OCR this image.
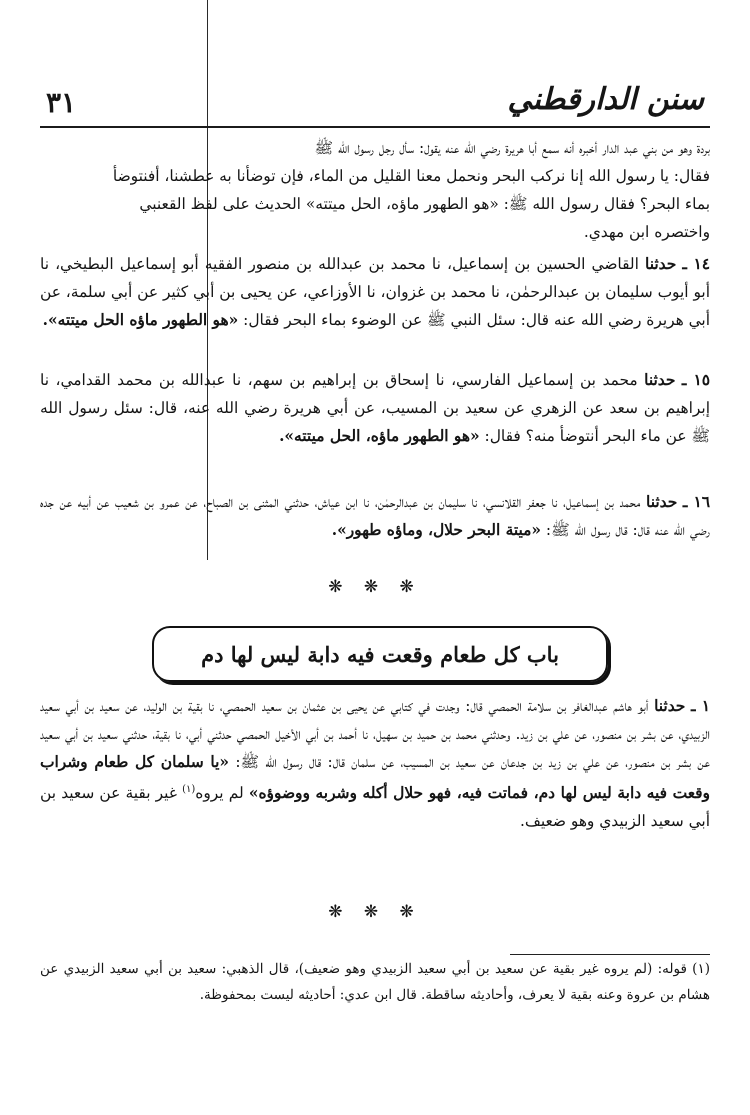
٣١	سنن الدارقطني
بردة وهو من بني عبد الدار أخبره أنه سمع أبا هريرة رضي الله عنه يقول: سأل رجل رسول الله ﷺ
فقال: يا رسول الله إنا نركب البحر ونحمل معنا القليل من الماء، فإن توضأنا به عطشنا، أفنتوضأ
بماء البحر؟ فقال رسول الله ﷺ: «هو الطهور ماؤه، الحل ميتته» الحديث على لفظ القعنبي
واختصره ابن مهدي.
١٤ ـ حدثنا القاضي الحسين بن إسماعيل، نا محمد بن عبدالله بن منصور الفقيه أبو إسماعيل البطيخي، نا أبو أيوب سليمان بن عبدالرحمٰن، نا محمد بن غزوان، نا الأوزاعي، عن يحيى بن أبي كثير عن أبي سلمة، عن أبي هريرة رضي الله عنه قال: سئل النبي ﷺ عن الوضوء بماء البحر فقال: «هو الطهور ماؤه الحل ميتته».
١٥ ـ حدثنا محمد بن إسماعيل الفارسي، نا إسحاق بن إبراهيم بن سهم، نا عبدالله بن محمد القدامي، نا إبراهيم بن سعد عن الزهري عن سعيد بن المسيب، عن أبي هريرة رضي الله عنه، قال: سئل رسول الله ﷺ عن ماء البحر أنتوضأ منه؟ فقال: «هو الطهور ماؤه، الحل ميتته».
١٦ ـ حدثنا محمد بن إسماعيل، نا جعفر القلانسي، نا سليمان بن عبدالرحمٰن، نا ابن عياش، حدثني المثنى بن الصباح، عن عمرو بن شعيب عن أبيه عن جده رضي الله عنه قال: قال رسول الله ﷺ: «ميتة البحر حلال، وماؤه طهور».
❋ ❋ ❋
باب كل طعام وقعت فيه دابة ليس لها دم
١ ـ حدثنا أبو هاشم عبدالغافر بن سلامة الحمصي قال: وجدت في كتابي عن يحيى بن عثمان بن سعيد الحمصي، نا بقية بن الوليد، عن سعيد بن أبي سعيد الزبيدي، عن بشر بن منصور، عن علي بن زيد. وحدثني محمد بن حميد بن سهيل، نا أحمد بن أبي الأخيل الحمصي حدثني أبي، نا بقية، حدثني سعيد بن أبي سعيد عن بشر بن منصور، عن علي بن زيد بن جدعان عن سعيد بن المسيب، عن سلمان قال: قال رسول الله ﷺ: «يا سلمان كل طعام وشراب وقعت فيه دابة ليس لها دم، فماتت فيه، فهو حلال أكله وشربه ووضوؤه» لم يروه$^{(١)}$ غير بقية عن سعيد بن أبي سعيد الزبيدي وهو ضعيف.
❋ ❋ ❋
(١) قوله: (لم يروه غير بقية عن سعيد بن أبي سعيد الزبيدي وهو ضعيف)، قال الذهبي: سعيد بن أبي سعيد الزبيدي عن هشام بن عروة وعنه بقية لا يعرف، وأحاديثه ساقطة. قال ابن عدي: أحاديثه ليست بمحفوظة.
